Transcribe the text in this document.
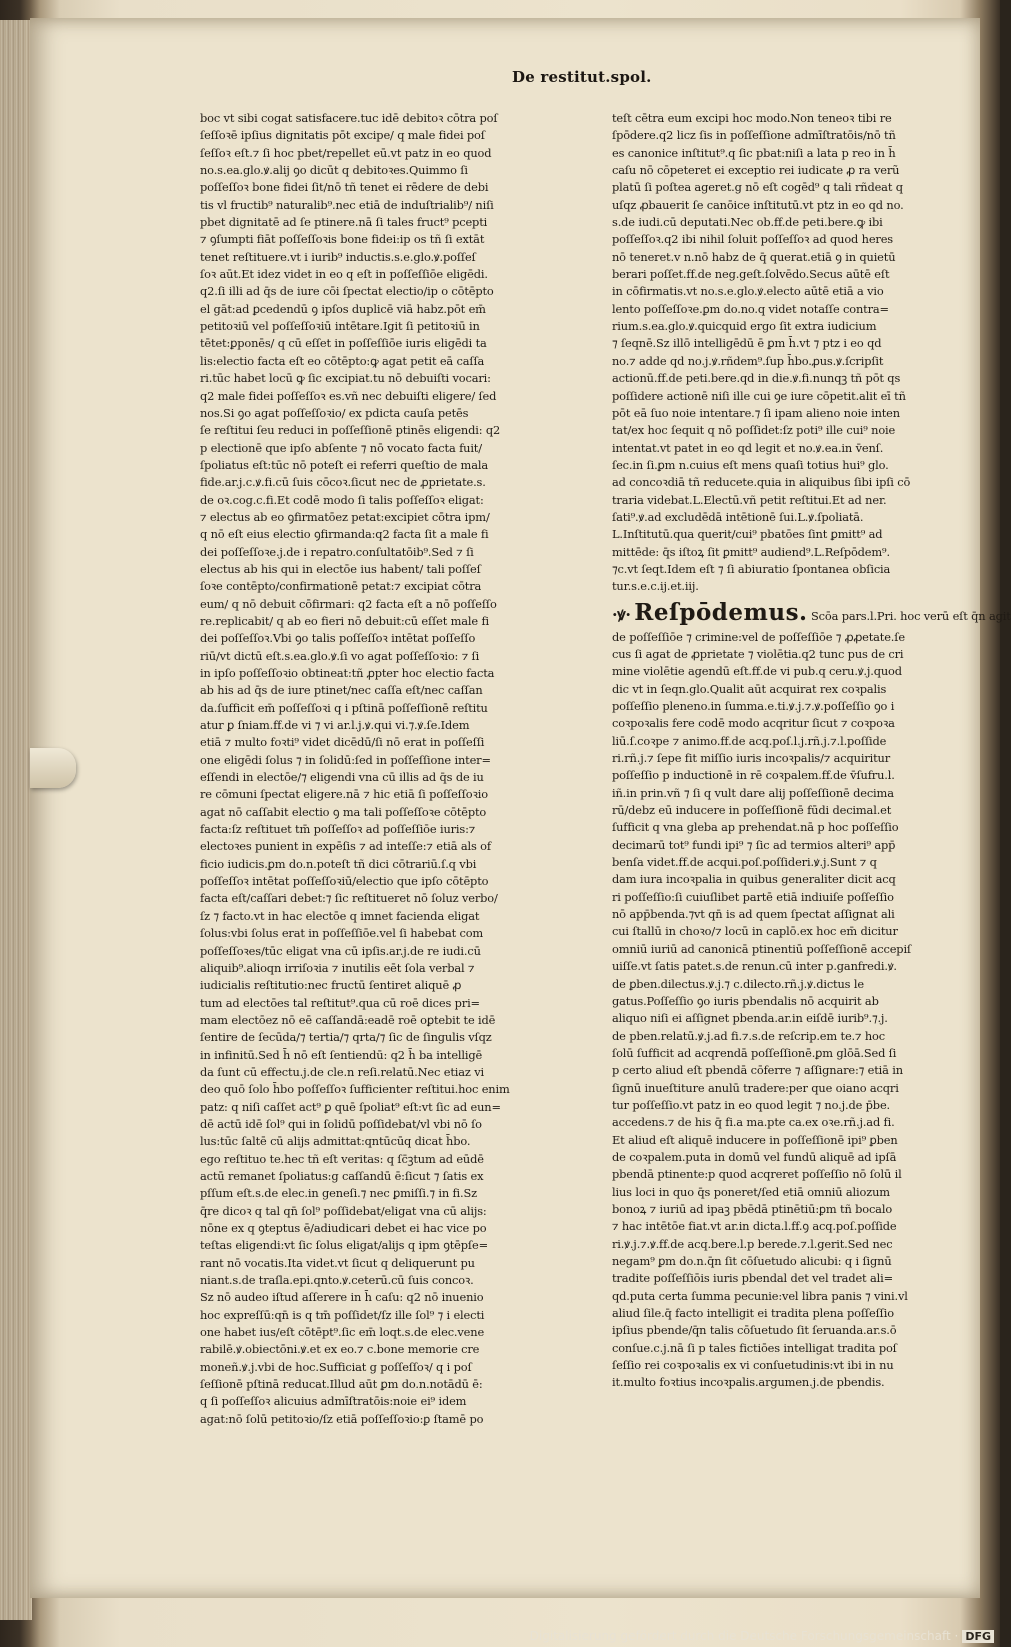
De restitut.spol.
boc vt sibi cogat satisfacere.tuc idē debitoꝛ cōtra poſ
ſeſſoꝛē ipſius dignitatis pōt excipe/ q male fidei poſ
ſeſſoꝛ eſt.⁊ ſi hoc pbet/repellet eū.vt patz in eo quod
no.s.ea.glo.ꝟ.alij ꝯo dicūt q debitoꝛes.Quimmo ſi
poſſeſſoꝛ bone fidei ſit/nō tñ tenet ei rēdere de debi
tis vl fructib⁹ naturalib⁹.nec etiā de induſtrialib⁹/ niſi
pbet dignitatē ad ſe ptinere.nā ſi tales fruct⁹ pcepti
⁊ ꝯſumpti fiāt poſſeſſoꝛis bone fidei:ip os tñ ſi extāt
tenet reſtituere.vt i iurib⁹ inductis.s.e.glo.ꝟ.poſſeſ
ſoꝛ aūt.Et idez videt in eo q eſt in poſſeſſiōe eligēdi.
q2.ſi illi ad q̄s de iure cōi ſpectat electio/ip o cōtēpto
el gāt:ad ꝑcedendū ꝯ ipſos duplicē viā habz.pōt em̄
petitoꝛiū vel poſſeſſoꝛiū intētare.Igit ſi petitoꝛiū in
tētet:ꝑponēs/ q cū eſſet in poſſeſſiōe iuris eligēdi ta
lis:electio facta eſt eo cōtēpto:ꝙ agat petit eā caſſa
ri.tūc habet locū ꝙ ſic excipiat.tu nō debuiſti vocari:
q2 male fidei poſſeſſoꝛ es.vñ nec debuiſti eligere/ ſed
nos.Si ꝯo agat poſſeſſoꝛio/ ex pdicta cauſa petēs
ſe reſtitui ſeu reduci in poſſeſſionē ptinēs eligendi: q2
p electionē que ipſo abſente ⁊ nō vocato facta fuit/
ſpoliatus eſt:tūc nō poteſt ei referri queſtio de mala
fide.ar.j.c.ꝟ.fi.cū ſuis cōcoꝛ.ſicut nec de ꝓprietate.s.
de oꝛ.cog.c.fi.Et codē modo ſi talis poſſeſſoꝛ eligat:
⁊ electus ab eo ꝯfirmatōez petat:excipiet cōtra ipm/
q nō eſt eius electio ꝯfirmanda:q2 facta ſit a male fi
dei poſſeſſoꝛe.j.de i repatro.conſultatōib⁹.Sed ⁊ ſi
electus ab his qui in electōe ius habent/ tali poſſeſ
ſoꝛe contēpto/confirmationē petat:⁊ excipiat cōtra
eum/ q nō debuit cōfirmari: q2 facta eſt a nō poſſeſſo
re.replicabit/ q ab eo fieri nō debuit:cū eſſet male fi
dei poſſeſſoꝛ.Vbi ꝯo talis poſſeſſoꝛ intētat poſſeſſo
riū/vt dictū eſt.s.ea.glo.ꝟ.ſi vo agat poſſeſſoꝛio: ⁊ ſi
in ipſo poſſeſſoꝛio obtineat:tñ ꝓpter hoc electio facta
ab his ad q̄s de iure ptinet/nec caſſa eſt/nec caſſan
da.ſufficit em̄ poſſeſſoꝛi q i pſtinā poſſeſſionē reſtitu
atur ꝑ ſniam.ff.de vi ⁊ vi ar.l.j.ꝟ.qui vi.⁊.ꝟ.ſe.Idem
etiā ⁊ multo foꝛti⁹ videt dicēdū/ſi nō erat in poſſeſſi
one eligēdi ſolus ⁊ in ſolidū:ſed in poſſeſſione inter=
eſſendi in electōe/⁊ eligendi vna cū illis ad q̄s de iu
re cōmuni ſpectat eligere.nā ⁊ hic etiā ſi poſſeſſoꝛio
agat nō caſſabit electio ꝯ ma tali poſſeſſoꝛe cōtēpto
facta:ſz reſtituet tm̄ poſſeſſoꝛ ad poſſeſſiōe iuris:⁊
electoꝛes punient in expēſis ⁊ ad inteſſe:⁊ etiā als of
ficio iudicis.ꝑm do.n.poteſt tñ dici cōtrariū.ſ.q vbi
poſſeſſoꝛ intētat poſſeſſoꝛiū/electio que ipſo cōtēpto
facta eſt/caſſari debet:⁊ ſic reſtitueret nō ſoluz verbo/
ſz ⁊ facto.vt in hac electōe q imnet facienda eligat
ſolus:vbi ſolus erat in poſſeſſiōe.vel ſi habebat com
poſſeſſoꝛes/tūc eligat vna cū ipſis.ar.j.de re iudi.cū
aliquib⁹.alioqn irriſoꝛia ⁊ inutilis eēt ſola verbal ⁊
iudicialis reſtitutio:nec fructū ſentiret aliquē ꝓ
tum ad electōes tal reſtitut⁹.qua cū roē dices pri=
mam electōez nō eē caſſandā:eadē roē oꝑtebit te idē
ſentire de ſecūda/⁊ tertia/⁊ qrta/⁊ ſic de ſingulis vſqz
in infinitū.Sed h̄ nō eſt ſentiendū: q2 h̄ ba intelligē
da ſunt cū effectu.j.de cle.n reſi.relatū.Nec etiaz vi
deo quō ſolo h̄bo poſſeſſoꝛ ſufficienter reſtitui.hoc enim
patz: q niſi caſſet act⁹ ꝑ quē ſpoliat⁹ eſt:vt ſic ad eun=
dē actū idē ſol⁹ qui in ſolidū poſſidebat/vl vbi nō ſo
lus:tūc ſaltē cū alijs admittat:qntūcūq dicat h̄bo.
ego reſtituo te.hec tñ eſt veritas: q ſc̄ꝫtum ad eūdē
actū remanet ſpoliatus:g caſſandū ē:ſicut ⁊ ſatis ex
pſſum eſt.s.de elec.in geneſi.⁊ nec ꝑmiſſi.⁊ in fi.Sz
q̄re dicoꝛ q tal qn̄ ſol⁹ poſſidebat/eligat vna cū alijs:
nōne ex q ꝯteptus ē/adiudicari debet ei hac vice po
teſtas eligendi:vt ſic ſolus eligat/alijs q ipm ꝯtēpſe=
rant nō vocatis.Ita videt.vt ſicut q deliquerunt pu
niant.s.de traſla.epi.qnto.ꝟ.ceterū.cū ſuis concoꝛ.
Sz nō audeo iſtud aſſerere in h̄ caſu: q2 nō inuenio
hoc expreſſū:qn̄ is q tm̄ poſſidet/ſz ille ſol⁹ ⁊ i electi
one habet ius/eſt cōtēpt⁹.ſic em̄ loqt.s.de elec.vene
rabilē.ꝟ.obiectōni.ꝟ.et ex eo.⁊ c.bone memorie cre
moneñ.ꝟ.j.vbi de hoc.Sufficiat g poſſeſſoꝛ/ q i poſ
ſeſſionē pſtinā reducat.Illud aūt ꝑm do.n.notādū ē:
q ſi poſſeſſoꝛ alicuius admīſtratōis:noie ei⁹ idem
agat:nō ſolū petitoꝛio/ſz etiā poſſeſſoꝛio:ꝑ ſtamē po
teſt cētra eum excipi hoc modo.Non teneoꝛ tibi re
ſpōdere.q2 licz ſis in poſſeſſione admīſtratōis/nō tñ
es canonice inſtitut⁹.q ſic pbat:niſi a lata p reo in h̄
caſu nō cōpeteret ei exceptio rei iudicate ꝓ ra verũ
platū ſi poſtea ageret.g nō eſt cogēd⁹ q tali rñdeat q
uſqz ꝓbauerit ſe canōice inſtitutū.vt ptz in eo qd no.
s.de iudi.cū deputati.Nec ob.ff.de peti.bere.ꝙ ibi
poſſeſſoꝛ.q2 ibi nihil ſoluit poſſeſſoꝛ ad quod heres
nō teneret.v n.nō habz de q̄ querat.etiā ꝯ in quietū
berari poſſet.ff.de neg.geſt.ſolvēdo.Secus aūtē eſt
in cōfirmatis.vt no.s.e.glo.ꝟ.electo aūtē etiā a vio
lento poſſeſſoꝛe.ꝑm do.no.q videt notaſſe contra=
rium.s.ea.glo.ꝟ.quicquid ergo ſit extra iudicium
⁊ ſeqnē.Sz illō intelligēdū ē ꝑm h̄.vt ⁊ ptz i eo qd
no.⁊ adde qd no.j.ꝟ.rñdem⁹.ſup h̄bo.ꝓus.ꝟ.ſcripſit
actionū.ff.de peti.bere.qd in die.ꝟ.fi.nunqꝫ tñ pōt qs
poſſidere actionē niſi ille cui ꝯe iure cōpetit.alit eī tñ
pōt eā ſuo noie intentare.⁊ ſi ipam alieno noie inten
tat/ex hoc ſequit q nō poſſidet:ſz poti⁹ ille cui⁹ noie
intentat.vt patet in eo qd legit et no.ꝟ.ea.in v̄enſ.
ſec.in ſi.ꝑm n.cuius eſt mens quaſi totius hui⁹ glo.
ad concoꝛdiā tñ reducete.quia in aliquibus ſibi ipſi cō
traria videbat.L.Electū.vñ petit reſtitui.Et ad ner.
ſati⁹.ꝟ.ad excludēdā intētionē ſui.L.ꝟ.ſpoliatā.
L.Inſtitutū.qua querit/cui⁹ pbatōes ſint ꝑmitt⁹ ad
mittēde: q̄s iſtoꝝ ſit ꝑmitt⁹ audiend⁹.L.Reſpōdem⁹.
⁊c.vt ſeqt.Idem eſt ⁊ ſi abiuratio ſpontanea obſicia
tur.s.e.c.ij.et.iij.
·ꝟ· Reſpōdemus. Scōa pars.l.Pri. hoc verū eſt q̄n agit
de poſſeſſiōe ⁊ crimine:vel de poſſeſſiōe ⁊ ꝓꝓetate.ſe
cus ſi agat de ꝓprietate ⁊ violētia.q2 tunc pus de cri
mine violētie agendū eſt.ff.de vi pub.q ceru.ꝟ.j.quod
dic vt in ſeqn.glo.Qualit aūt acquirat rex coꝛpalis
poſſeſſio pleneno.in ſumma.e.ti.ꝟ.j.⁊.ꝟ.poſſeſſio ꝯo i
coꝛpoꝛalis fere codē modo acqritur ſicut ⁊ coꝛpoꝛa
liū.ſ.coꝛpe ⁊ animo.ff.de acq.poſ.l.j.rñ.j.⁊.l.poſſide
ri.rñ.j.⁊ ſepe fit miſſio iuris incoꝛpalis/⁊ acquiritur
poſſeſſio p inductionē in rē coꝛpalem.ff.de v̄ſufru.l.
iñ.in prin.vñ ⁊ ſi q vult dare alij poſſeſſionē decima
rū/debz eū inducere in poſſeſſionē fūdi decimal.et
ſufficit q vna gleba ap prehendat.nā p hoc poſſeſſio
decimarū tot⁹ fundi ipi⁹ ⁊ ſic ad termios alteri⁹ app̄
benſa videt.ff.de acqui.poſ.poſſideri.ꝟ.j.Sunt ⁊ q
dam iura incoꝛpalia in quibus generaliter dicit acq
ri poſſeſſio:ſi cuiuſlibet partē etiā indiuiſe poſſeſſio
nō app̄benda.⁊vt qn̄ is ad quem ſpectat aſſignat ali
cui ſtallū in choꝛo/⁊ locū in caplō.ex hoc em̄ dicitur
omniū iuriū ad canonicā ptinentiū poſſeſſionē accepiſ
uiſſe.vt ſatis patet.s.de renun.cū inter p.ganfredi.ꝟ.
de ꝑben.dilectus.ꝟ.j.⁊ c.dilecto.rñ.j.ꝟ.dictus le
gatus.Poſſeſſio ꝯo iuris pbendalis nō acquirit ab
aliquo niſi ei aſſignet pbenda.ar.in eiſdē iurib⁹.⁊.j.
de pben.relatū.ꝟ.j.ad fi.⁊.s.de reſcrip.em te.⁊ hoc
ſolū ſufficit ad acqrendā poſſeſſionē.ꝑm glōā.Sed ſi
p certo aliud eſt pbendā cōferre ⁊ aſſignare:⁊ etiā in
ſignū inueſtiture anulū tradere:per que oiano acqri
tur poſſeſſio.vt patz in eo quod legit ⁊ no.j.de p̄be.
accedens.⁊ de his q̄ fi.a ma.pte ca.ex oꝛe.rñ.j.ad fi.
Et aliud eſt aliquē inducere in poſſeſſionē ipi⁹ ꝑben
de coꝛpalem.puta in domū vel fundū aliquē ad ipſā
pbendā ptinente:p quod acqreret poſſeſſio nō ſolū il
lius loci in quo q̄s poneret/ſed etiā omniū aliozum
bonoꝝ ⁊ iuriū ad ipaꝫ pbēdā ptinētiū:ꝑm tñ bocalo
⁊ hac intētōe fiat.vt ar.in dicta.l.ff.ꝯ acq.poſ.poſſide
ri.ꝟ.j.⁊.ꝟ.ff.de acq.bere.l.p berede.⁊.l.gerit.Sed nec
negam⁹ ꝑm do.n.q̄n ſit cōſuetudo alicubi: q i ſignū
tradite poſſeſſiōis iuris pbendal det vel tradet ali=
qd.puta certa ſumma pecunie:vel libra panis ⁊ vini.vl
aliud ſile.q̄ facto intelligit ei tradita plena poſſeſſio
ipſius pbende/q̄n talis cōſuetudo ſit ſeruanda.ar.s.ō
conſue.c.j.nā ſi p tales fictiōes intelligat tradita poſ
ſeſſio rei coꝛpoꝛalis ex vi conſuetudinis:vt ibi in nu
it.multo foꝛtius incoꝛpalis.argumen.j.de pbendis.
Digitalisierung gefördert durch die Deutsche Forschungsgemeinschaft · DFG
